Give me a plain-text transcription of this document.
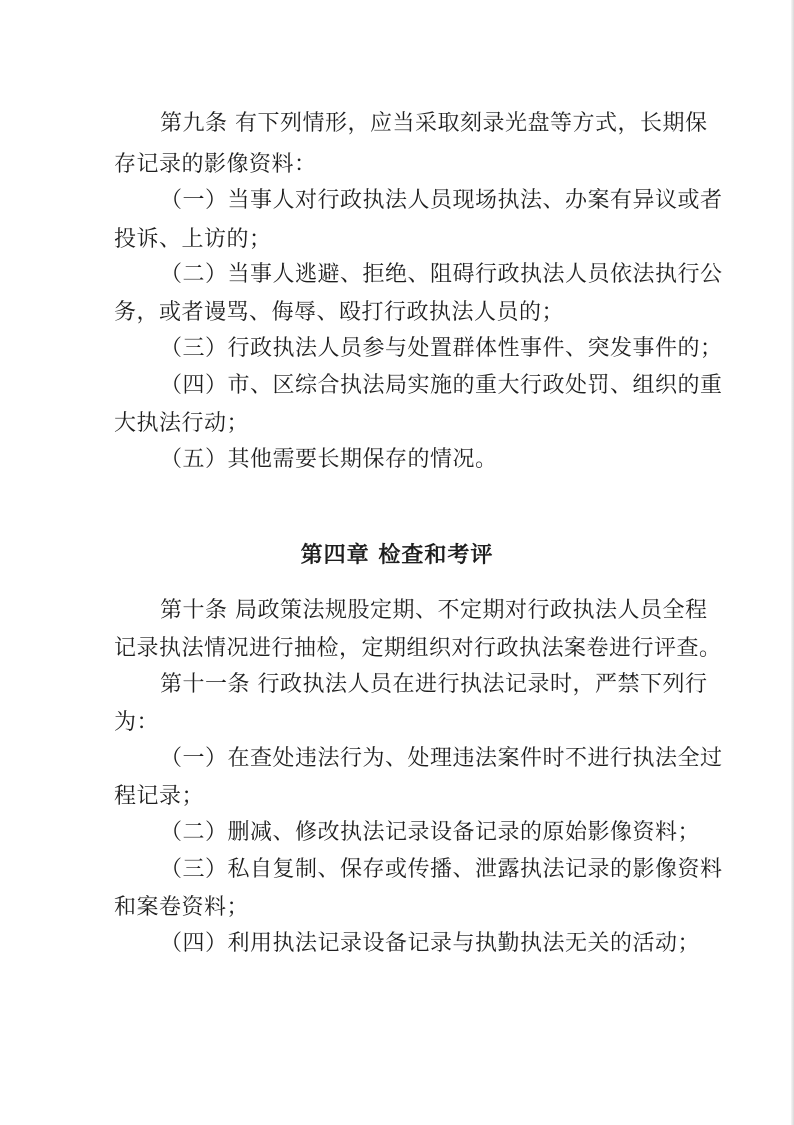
第九条 有下列情形，应当采取刻录光盘等方式，长期保
存记录的影像资料：
（一）当事人对行政执法人员现场执法、办案有异议或者
投诉、上访的；
（二）当事人逃避、拒绝、阻碍行政执法人员依法执行公
务，或者谩骂、侮辱、殴打行政执法人员的；
（三）行政执法人员参与处置群体性事件、突发事件的；
（四）市、区综合执法局实施的重大行政处罚、组织的重
大执法行动；
（五）其他需要长期保存的情况。
第四章 检查和考评
第十条 局政策法规股定期、不定期对行政执法人员全程
记录执法情况进行抽检，定期组织对行政执法案卷进行评查。
第十一条 行政执法人员在进行执法记录时，严禁下列行
为：
（一）在查处违法行为、处理违法案件时不进行执法全过
程记录；
（二）删减、修改执法记录设备记录的原始影像资料；
（三）私自复制、保存或传播、泄露执法记录的影像资料
和案卷资料；
（四）利用执法记录设备记录与执勤执法无关的活动；
